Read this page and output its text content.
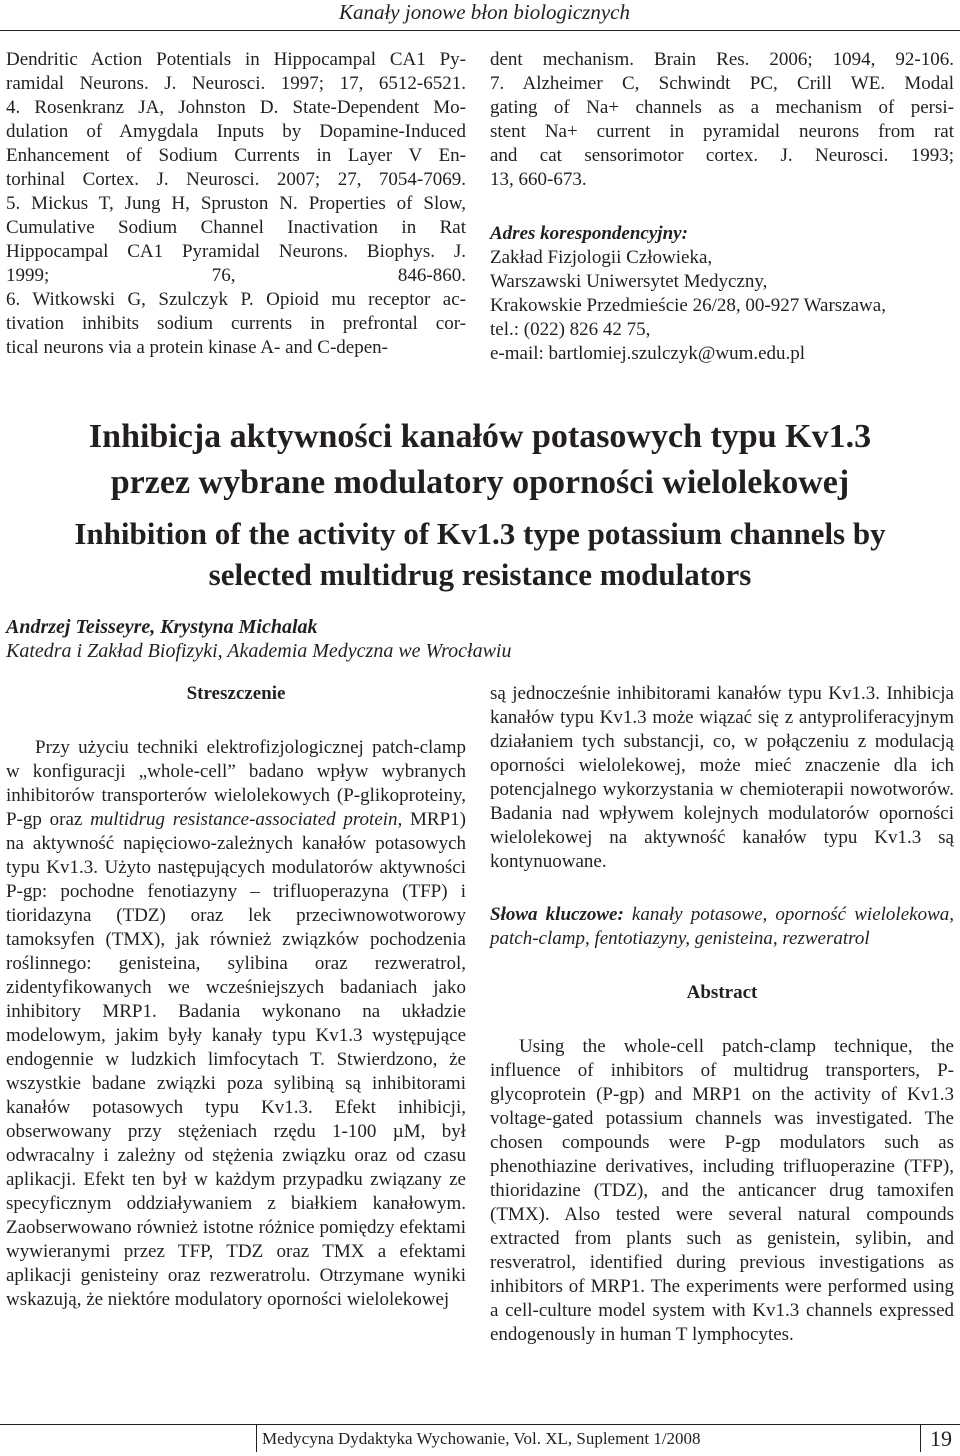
Kanały jonowe błon biologicznych
Dendritic Action Potentials in Hippocampal CA1 Py-
ramidal Neurons. J. Neurosci. 1997; 17, 6512-6521.
4. Rosenkranz JA, Johnston D. State-Dependent Mo-
dulation of Amygdala Inputs by Dopamine-Induced
Enhancement of Sodium Currents in Layer V En-
torhinal Cortex. J. Neurosci. 2007; 27, 7054-7069.
5. Mickus T, Jung H, Spruston N. Properties of Slow,
Cumulative Sodium Channel Inactivation in Rat
Hippocampal CA1 Pyramidal Neurons. Biophys. J.
1999; 76, 846-860.
6. Witkowski G, Szulczyk P. Opioid mu receptor ac-
tivation inhibits sodium currents in prefrontal cor-
tical neurons via a protein kinase A- and C-depen-
dent mechanism. Brain Res. 2006; 1094, 92-106.
7. Alzheimer C, Schwindt PC, Crill WE. Modal
gating of Na+ channels as a mechanism of persi-
stent Na+ current in pyramidal neurons from rat
and cat sensorimotor cortex. J. Neurosci. 1993;
13, 660-673.
Adres korespondencyjny:
Zakład Fizjologii Człowieka,
Warszawski Uniwersytet Medyczny,
Krakowskie Przedmieście 26/28, 00-927 Warszawa,
tel.: (022) 826 42 75,
e-mail: bartlomiej.szulczyk@wum.edu.pl
Inhibicja aktywności kanałów potasowych typu Kv1.3
przez wybrane modulatory oporności wielolekowej
Inhibition of the activity of Kv1.3 type potassium channels by
selected multidrug resistance modulators
Andrzej Teisseyre, Krystyna Michalak
Katedra i Zakład Biofizyki, Akademia Medyczna we Wrocławiu

Streszczenie

Przy użyciu techniki elektrofizjologicznej patch-clamp w konfiguracji „whole-cell” badano wpływ wybranych inhibitorów transporterów wielolekowych (P-glikoproteiny, P-gp oraz multidrug resistance-associated protein, MRP1) na aktywność napięciowo-zależnych kanałów potasowych typu Kv1.3. Użyto następujących modulatorów aktywności P-gp: pochodne fenotiazyny – trifluoperazyna (TFP) i tioridazyna (TDZ) oraz lek przeciwnowotworowy tamoksyfen (TMX), jak również związków pochodzenia roślinnego: genisteina, sylibina oraz rezweratrol, zidentyfikowanych we wcześniejszych badaniach jako inhibitory MRP1. Badania wykonano na układzie modelowym, jakim były kanały typu Kv1.3 występujące endogennie w ludzkich limfocytach T. Stwierdzono, że wszystkie badane związki poza sylibiną są inhibitorami kanałów potasowych typu Kv1.3. Efekt inhibicji, obserwowany przy stężeniach rzędu 1-100 µM, był odwracalny i zależny od stężenia związku oraz od czasu aplikacji. Efekt ten był w każdym przypadku związany ze specyficznym oddziaływaniem z białkiem kanałowym. Zaobserwowano również istotne różnice pomiędzy efektami wywieranymi przez TFP, TDZ oraz TMX a efektami aplikacji genisteiny oraz rezweratrolu. Otrzymane wyniki wskazują, że niektóre modulatory oporności wielolekowej

są jednocześnie inhibitorami kanałów typu Kv1.3. Inhibicja kanałów typu Kv1.3 może wiązać się z antyproliferacyjnym działaniem tych substancji, co, w połączeniu z modulacją oporności wielolekowej, może mieć znaczenie dla ich potencjalnego wykorzystania w chemioterapii nowotworów. Badania nad wpływem kolejnych modulatorów oporności wielolekowej na aktywność kanałów typu Kv1.3 są kontynuowane.

Słowa kluczowe: kanały potasowe, oporność wielolekowa, patch-clamp, fentotiazyny, genisteina, rezweratrol

Abstract

Using the whole-cell patch-clamp technique, the influence of inhibitors of multidrug transporters, P-glycoprotein (P-gp) and MRP1 on the activity of Kv1.3 voltage-gated potassium channels was investigated. The chosen compounds were P-gp modulators such as phenothiazine derivatives, including trifluoperazine (TFP), thioridazine (TDZ), and the anticancer drug tamoxifen (TMX). Also tested were several natural compounds extracted from plants such as genistein, sylibin, and resveratrol, identified during previous investigations as inhibitors of MRP1. The experiments were performed using a cell-culture model system with Kv1.3 channels expressed endogenously in human T lymphocytes.

Medycyna Dydaktyka Wychowanie, Vol. XL, Suplement 1/2008	19
